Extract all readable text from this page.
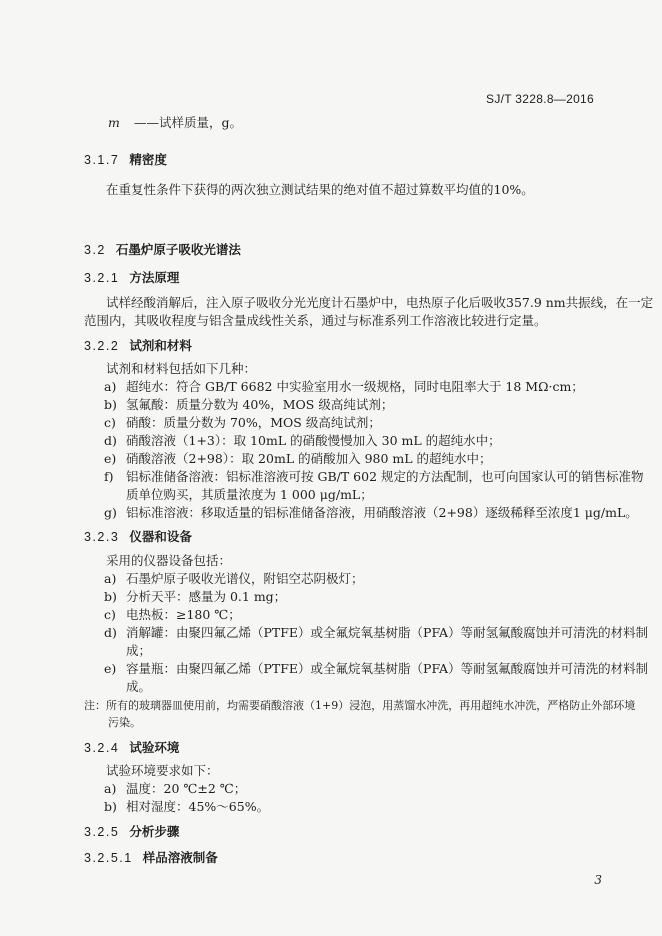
SJ/T 3228.8—2016
m ——试样质量，g。
3.1.7 精密度
在重复性条件下获得的两次独立测试结果的绝对值不超过算数平均值的10%。
3.2 石墨炉原子吸收光谱法
3.2.1 方法原理
试样经酸消解后，注入原子吸收分光光度计石墨炉中，电热原子化后吸收357.9 nm共振线，在一定
范围内，其吸收程度与铝含量成线性关系，通过与标准系列工作溶液比较进行定量。
3.2.2 试剂和材料
试剂和材料包括如下几种：
a) 超纯水：符合 GB/T 6682 中实验室用水一级规格，同时电阻率大于 18 MΩ·cm；
b) 氢氟酸：质量分数为 40%，MOS 级高纯试剂；
c) 硝酸：质量分数为 70%，MOS 级高纯试剂；
d) 硝酸溶液（1+3）：取 10mL 的硝酸慢慢加入 30 mL 的超纯水中；
e) 硝酸溶液（2+98）：取 20mL 的硝酸加入 980 mL 的超纯水中；
f) 铝标准储备溶液：铝标准溶液可按 GB/T 602 规定的方法配制，也可向国家认可的销售标准物
质单位购买，其质量浓度为 1 000 μg/mL；
g) 铝标准溶液：移取适量的铝标准储备溶液，用硝酸溶液（2+98）逐级稀释至浓度1 μg/mL。
3.2.3 仪器和设备
采用的仪器设备包括：
a) 石墨炉原子吸收光谱仪，附铝空芯阴极灯；
b) 分析天平：感量为 0.1 mg；
c) 电热板：≥180 ℃；
d) 消解罐：由聚四氟乙烯（PTFE）或全氟烷氧基树脂（PFA）等耐氢氟酸腐蚀并可清洗的材料制
成；
e) 容量瓶：由聚四氟乙烯（PTFE）或全氟烷氧基树脂（PFA）等耐氢氟酸腐蚀并可清洗的材料制
成。
注：所有的玻璃器皿使用前，均需要硝酸溶液（1+9）浸泡，用蒸馏水冲洗，再用超纯水冲洗，严格防止外部环境
污染。
3.2.4 试验环境
试验环境要求如下：
a) 温度：20 ℃±2 ℃；
b) 相对湿度：45%～65%。
3.2.5 分析步骤
3.2.5.1 样品溶液制备
3
